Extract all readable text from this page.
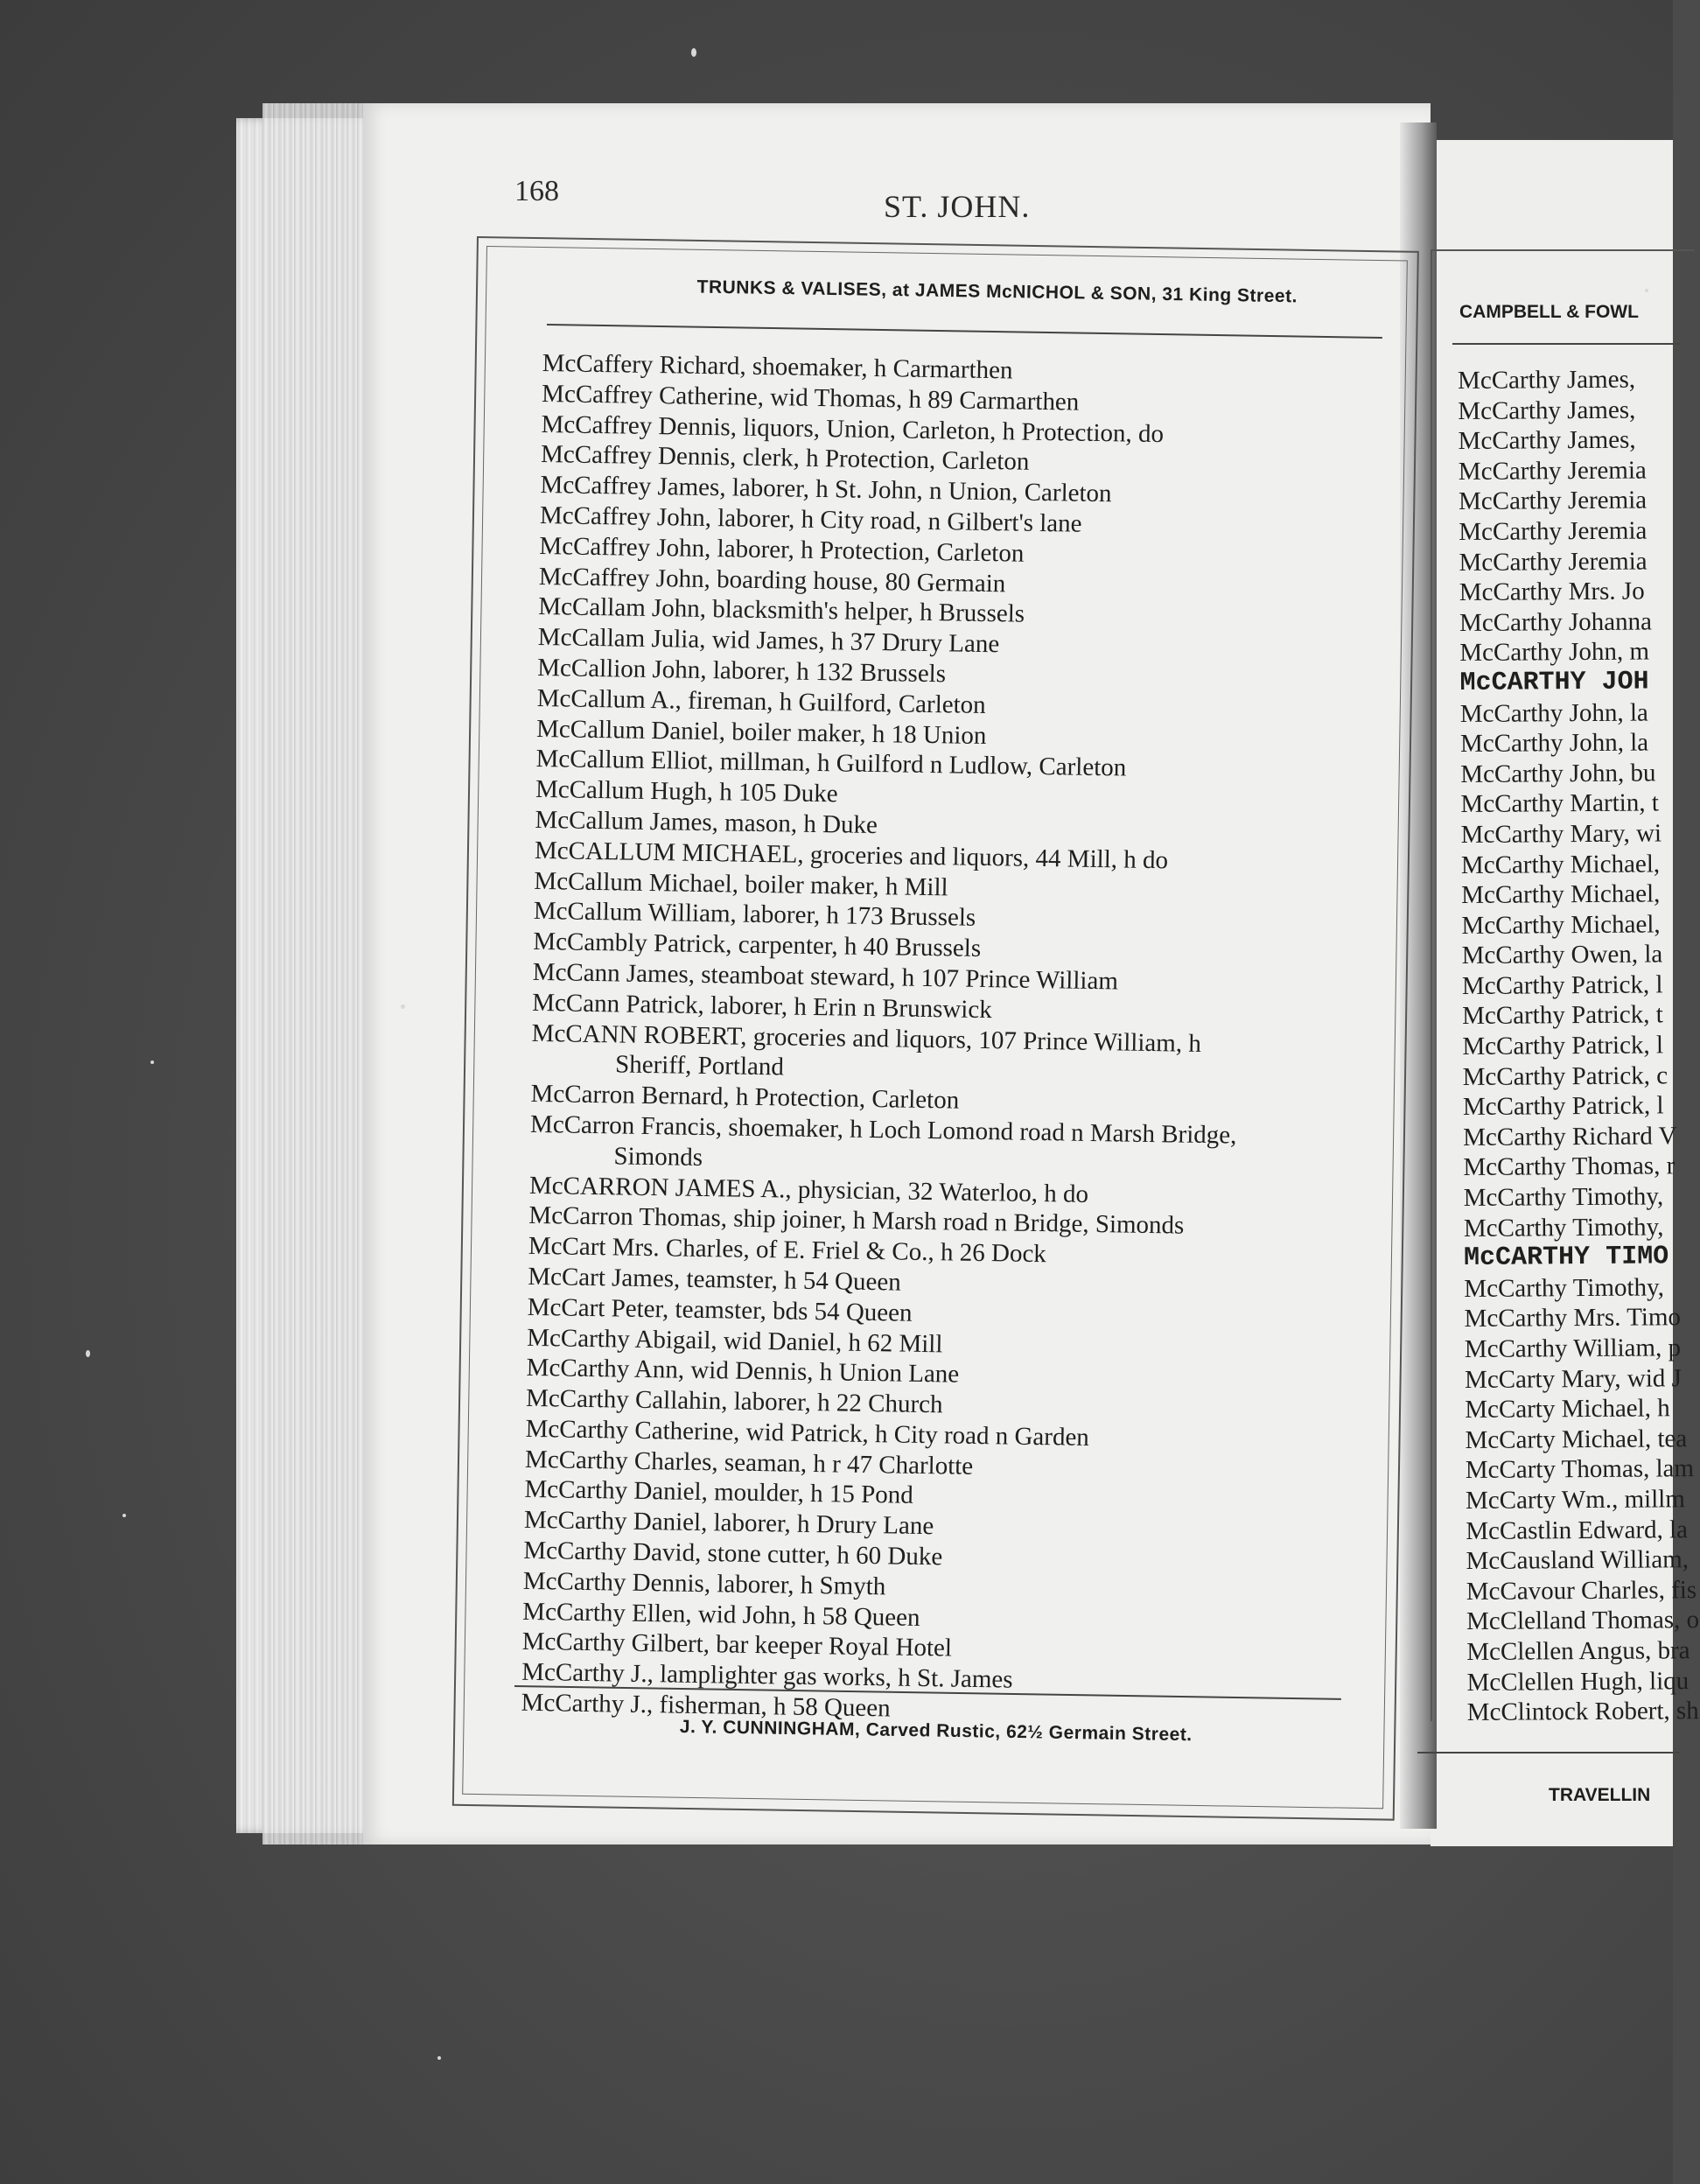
168	ST. JOHN.
TRUNKS & VALISES, at JAMES McNICHOL & SON, 31 King Street.
McCaffery Richard, shoemaker, h Carmarthen
McCaffrey Catherine, wid Thomas, h 89 Carmarthen
McCaffrey Dennis, liquors, Union, Carleton, h Protection, do
McCaffrey Dennis, clerk, h Protection, Carleton
McCaffrey James, laborer, h St. John, n Union, Carleton
McCaffrey John, laborer, h City road, n Gilbert's lane
McCaffrey John, laborer, h Protection, Carleton
McCaffrey John, boarding house, 80 Germain
McCallam John, blacksmith's helper, h Brussels
McCallam Julia, wid James, h 37 Drury Lane
McCallion John, laborer, h 132 Brussels
McCallum A., fireman, h Guilford, Carleton
McCallum Daniel, boiler maker, h 18 Union
McCallum Elliot, millman, h Guilford n Ludlow, Carleton
McCallum Hugh, h 105 Duke
McCallum James, mason, h Duke
McCALLUM MICHAEL, groceries and liquors, 44 Mill, h do
McCallum Michael, boiler maker, h Mill
McCallum William, laborer, h 173 Brussels
McCambly Patrick, carpenter, h 40 Brussels
McCann James, steamboat steward, h 107 Prince William
McCann Patrick, laborer, h Erin n Brunswick
McCANN ROBERT, groceries and liquors, 107 Prince William, h
Sheriff, Portland
McCarron Bernard, h Protection, Carleton
McCarron Francis, shoemaker, h Loch Lomond road n Marsh Bridge,
Simonds
McCARRON JAMES A., physician, 32 Waterloo, h do
McCarron Thomas, ship joiner, h Marsh road n Bridge, Simonds
McCart Mrs. Charles, of E. Friel & Co., h 26 Dock
McCart James, teamster, h 54 Queen
McCart Peter, teamster, bds 54 Queen
McCarthy Abigail, wid Daniel, h 62 Mill
McCarthy Ann, wid Dennis, h Union Lane
McCarthy Callahin, laborer, h 22 Church
McCarthy Catherine, wid Patrick, h City road n Garden
McCarthy Charles, seaman, h r 47 Charlotte
McCarthy Daniel, moulder, h 15 Pond
McCarthy Daniel, laborer, h Drury Lane
McCarthy David, stone cutter, h 60 Duke
McCarthy Dennis, laborer, h Smyth
McCarthy Ellen, wid John, h 58 Queen
McCarthy Gilbert, bar keeper Royal Hotel
McCarthy J., lamplighter gas works, h St. James
McCarthy J., fisherman, h 58 Queen
J. Y. CUNNINGHAM, Carved Rustic, 62½ Germain Street.
CAMPBELL & FOWL
McCarthy James,
McCarthy James,
McCarthy James,
McCarthy Jeremia
McCarthy Jeremia
McCarthy Jeremia
McCarthy Jeremia
McCarthy Mrs. Jo
McCarthy Johanna
McCarthy John, m
McCARTHY JOH
McCarthy John, la
McCarthy John, la
McCarthy John, bu
McCarthy Martin, t
McCarthy Mary, wi
McCarthy Michael,
McCarthy Michael,
McCarthy Michael,
McCarthy Owen, la
McCarthy Patrick, l
McCarthy Patrick, t
McCarthy Patrick, l
McCarthy Patrick, c
McCarthy Patrick, l
McCarthy Richard V
McCarthy Thomas, r
McCarthy Timothy,
McCarthy Timothy,
McCARTHY TIMO
McCarthy Timothy,
McCarthy Mrs. Timo
McCarthy William, p
McCarty Mary, wid J
McCarty Michael, h
McCarty Michael, tea
McCarty Thomas, lam
McCarty Wm., millm
McCastlin Edward, la
McCausland William,
McCavour Charles, fis
McClelland Thomas, o
McClellen Angus, bra
McClellen Hugh, liqu
McClintock Robert, sh
TRAVELLIN
